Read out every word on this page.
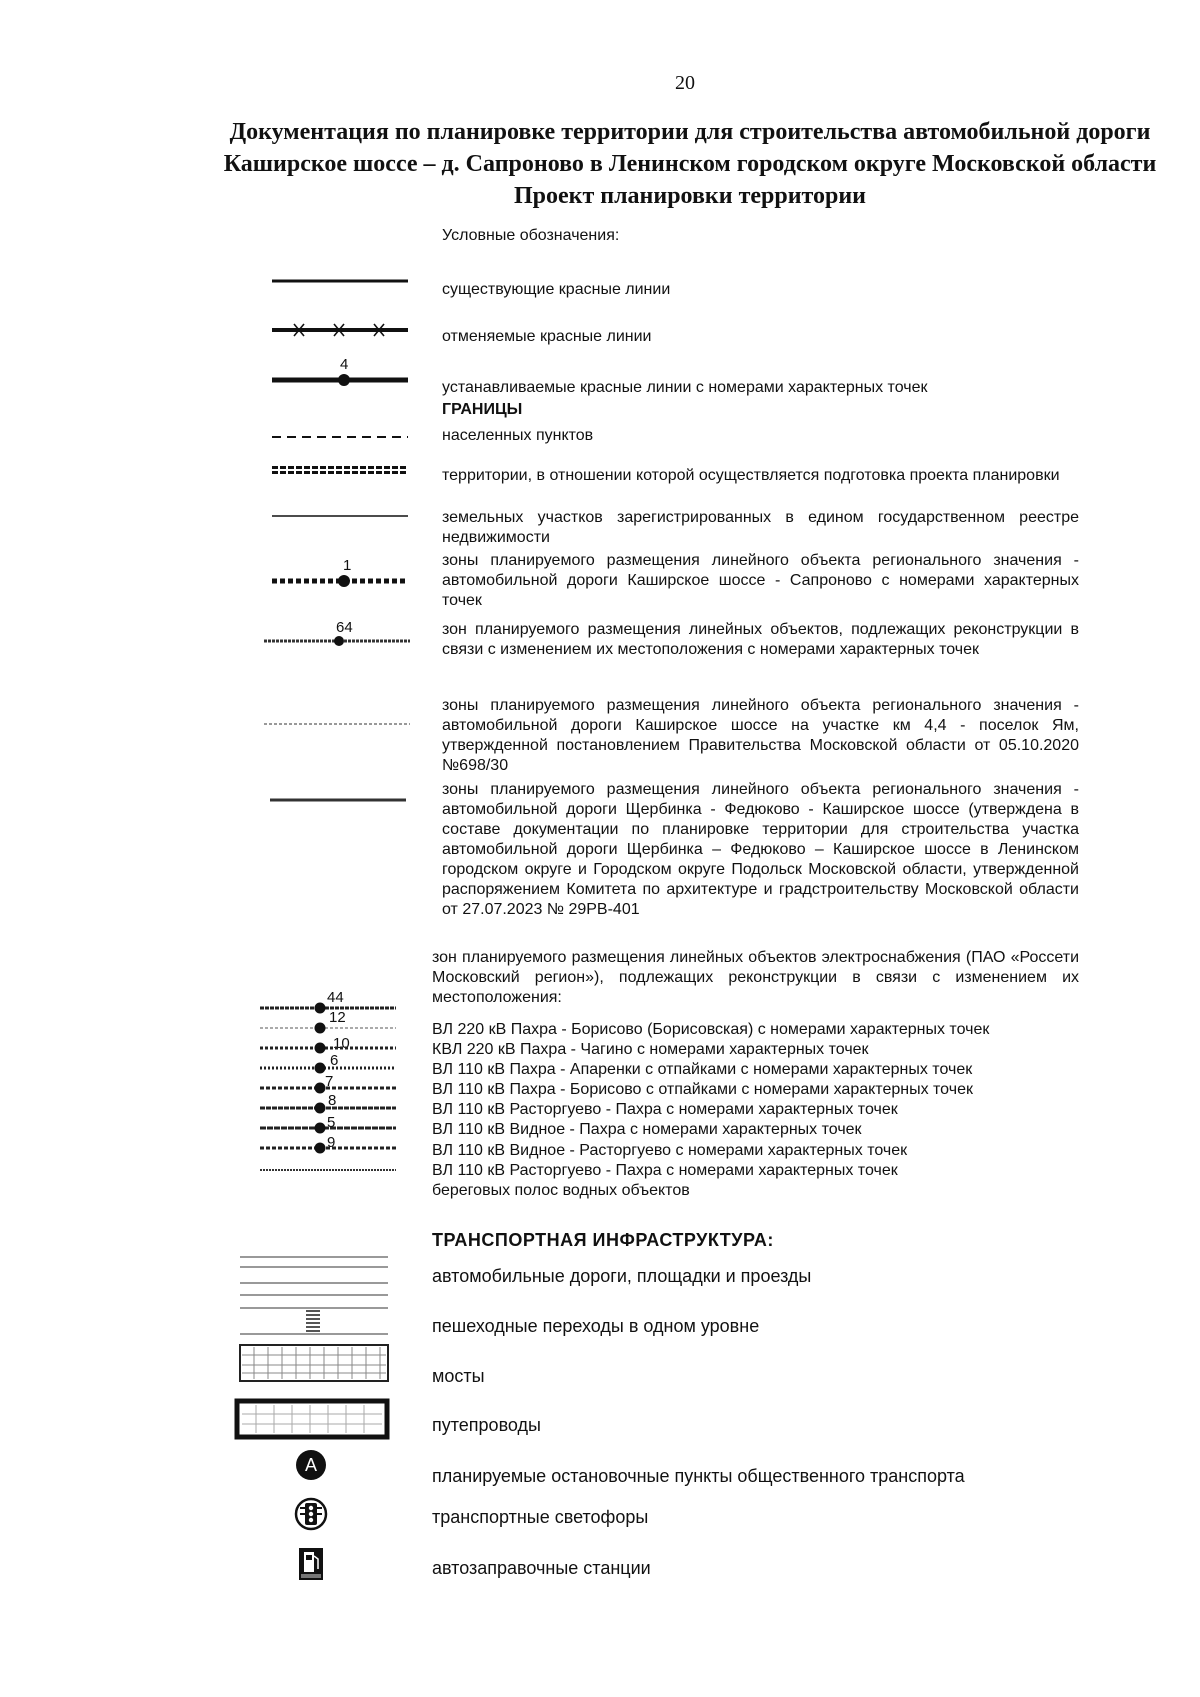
20
Документация по планировке территории для строительства автомобильной дороги
Каширское шоссе – д. Сапроново в Ленинском городском округе Московской области
Проект планировки территории
Условные обозначения:
существующие красные линии
отменяемые красные линии
4
устанавливаемые красные линии с номерами характерных точек
ГРАНИЦЫ
населенных пунктов
территории, в отношении которой осуществляется подготовка проекта планировки
земельных участков зарегистрированных в едином государственном реестре недвижимости
1	зоны планируемого размещения линейного объекта регионального значения - автомобильной дороги Каширское шоссе - Сапроново с номерами характерных точек
64	зон планируемого размещения линейных объектов, подлежащих реконструкции в связи с изменением их местоположения с номерами характерных точек
зоны планируемого размещения линейного объекта регионального значения - автомобильной дороги Каширское шоссе на участке км 4,4 - поселок Ям, утвержденной постановлением Правительства Московской области от 05.10.2020 №698/30
зоны планируемого размещения линейного объекта регионального значения - автомобильной дороги Щербинка - Федюково - Каширское шоссе (утверждена в составе документации по планировке территории для строительства участка автомобильной дороги Щербинка – Федюково – Каширское шоссе в Ленинском городском округе и Городском округе Подольск Московской области, утвержденной распоряжением Комитета по архитектуре и градстроительству Московской области от 27.07.2023 № 29РВ-401
зон планируемого размещения линейных объектов электроснабжения (ПАО «Россети Московский регион»), подлежащих реконструкции в связи с изменением их местоположения:
44
12
10
6
7
8
5
9
ВЛ 220 кВ Пахра - Борисово (Борисовская) с номерами характерных точек
КВЛ 220 кВ Пахра - Чагино с номерами характерных точек
ВЛ 110 кВ Пахра - Апаренки с отпайками с номерами характерных точек
ВЛ 110 кВ Пахра - Борисово с отпайками с номерами характерных точек
ВЛ 110 кВ Расторгуево - Пахра с номерами характерных точек
ВЛ 110 кВ Видное - Пахра с номерами характерных точек
ВЛ 110 кВ Видное - Расторгуево с номерами характерных точек
ВЛ 110 кВ Расторгуево - Пахра с номерами характерных точек
береговых полос водных объектов
ТРАНСПОРТНАЯ ИНФРАСТРУКТУРА:
автомобильные дороги, площадки и проезды
пешеходные переходы в одном уровне
мосты
путепроводы
А
планируемые остановочные пункты общественного транспорта
транспортные светофоры
автозаправочные станции
